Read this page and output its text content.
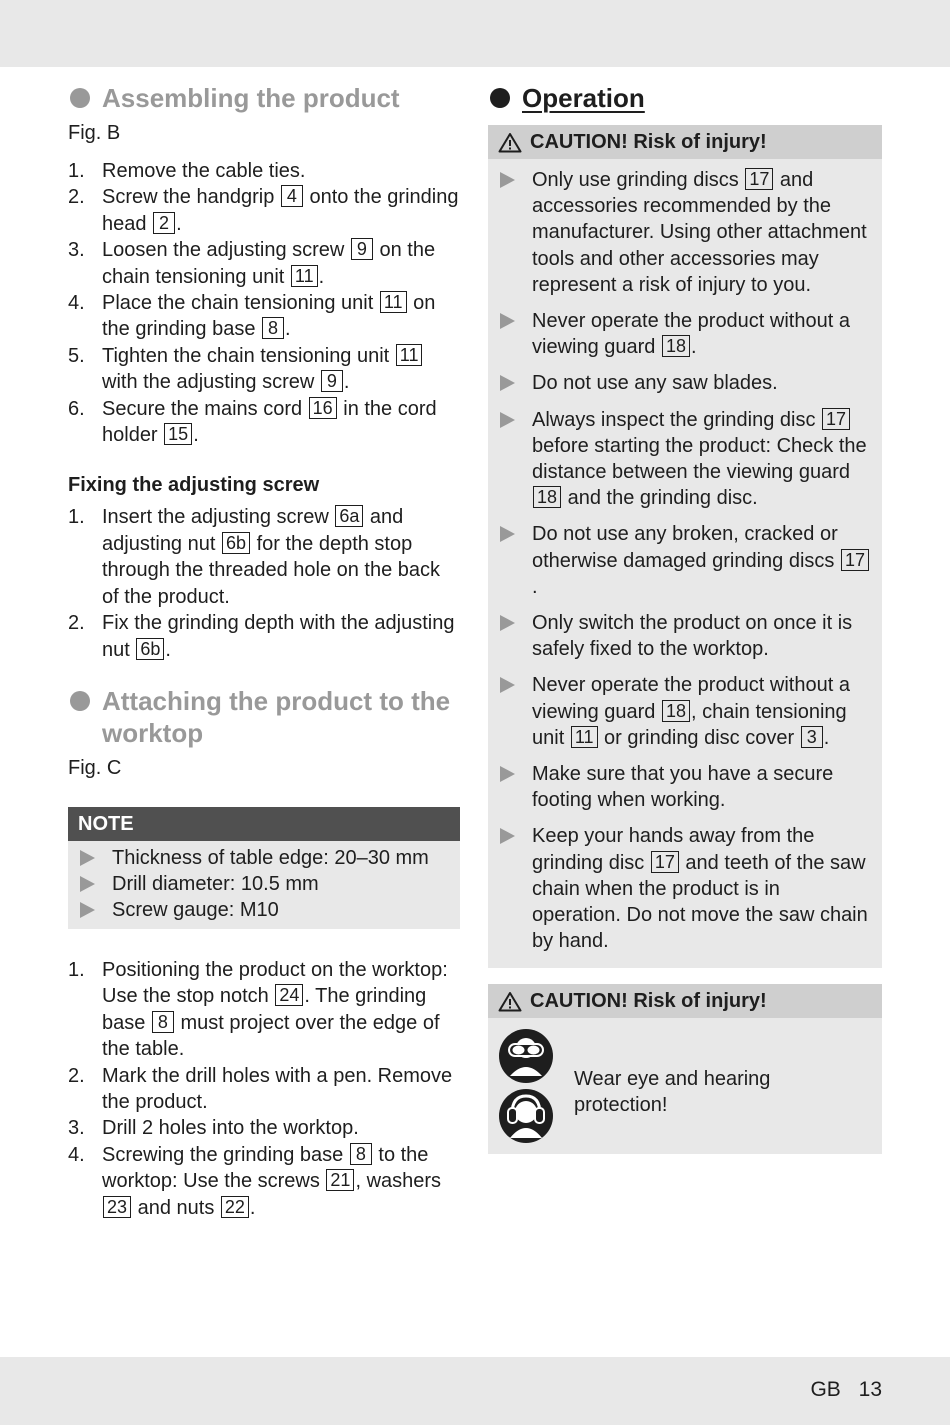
Assembling the product
Fig. B
1. Remove the cable ties.
2. Screw the handgrip 4 onto the grinding head 2 .
3. Loosen the adjusting screw 9 on the chain tensioning unit 11 .
4. Place the chain tensioning unit 11 on the grinding base 8 .
5. Tighten the chain tensioning unit 11 with the adjusting screw 9 .
6. Secure the mains cord 16 in the cord holder 15 .
Fixing the adjusting screw
1. Insert the adjusting screw 6a and adjusting nut 6b for the depth stop through the threaded hole on the back of the product.
2. Fix the grinding depth with the adjusting nut 6b .
Attaching the product to the worktop
Fig. C
NOTE
Thickness of table edge: 20–30 mm
Drill diameter: 10.5 mm
Screw gauge: M10
1. Positioning the product on the worktop: Use the stop notch 24 . The grinding base 8 must project over the edge of the table.
2. Mark the drill holes with a pen. Remove the product.
3. Drill 2 holes into the worktop.
4. Screwing the grinding base 8 to the worktop: Use the screws 21 , washers 23 and nuts 22 .
Operation
CAUTION! Risk of injury!
Only use grinding discs 17 and accessories recommended by the manufacturer. Using other attachment tools and other accessories may represent a risk of injury to you.
Never operate the product without a viewing guard 18 .
Do not use any saw blades.
Always inspect the grinding disc 17 before starting the product: Check the distance between the viewing guard 18 and the grinding disc.
Do not use any broken, cracked or otherwise damaged grinding discs 17.
Only switch the product on once it is safely fixed to the worktop.
Never operate the product without a viewing guard 18 , chain tensioning unit 11 or grinding disc cover 3 .
Make sure that you have a secure footing when working.
Keep your hands away from the grinding disc 17 and teeth of the saw chain when the product is in operation. Do not move the saw chain by hand.
CAUTION! Risk of injury!
Wear eye and hearing protection!
GB 13
